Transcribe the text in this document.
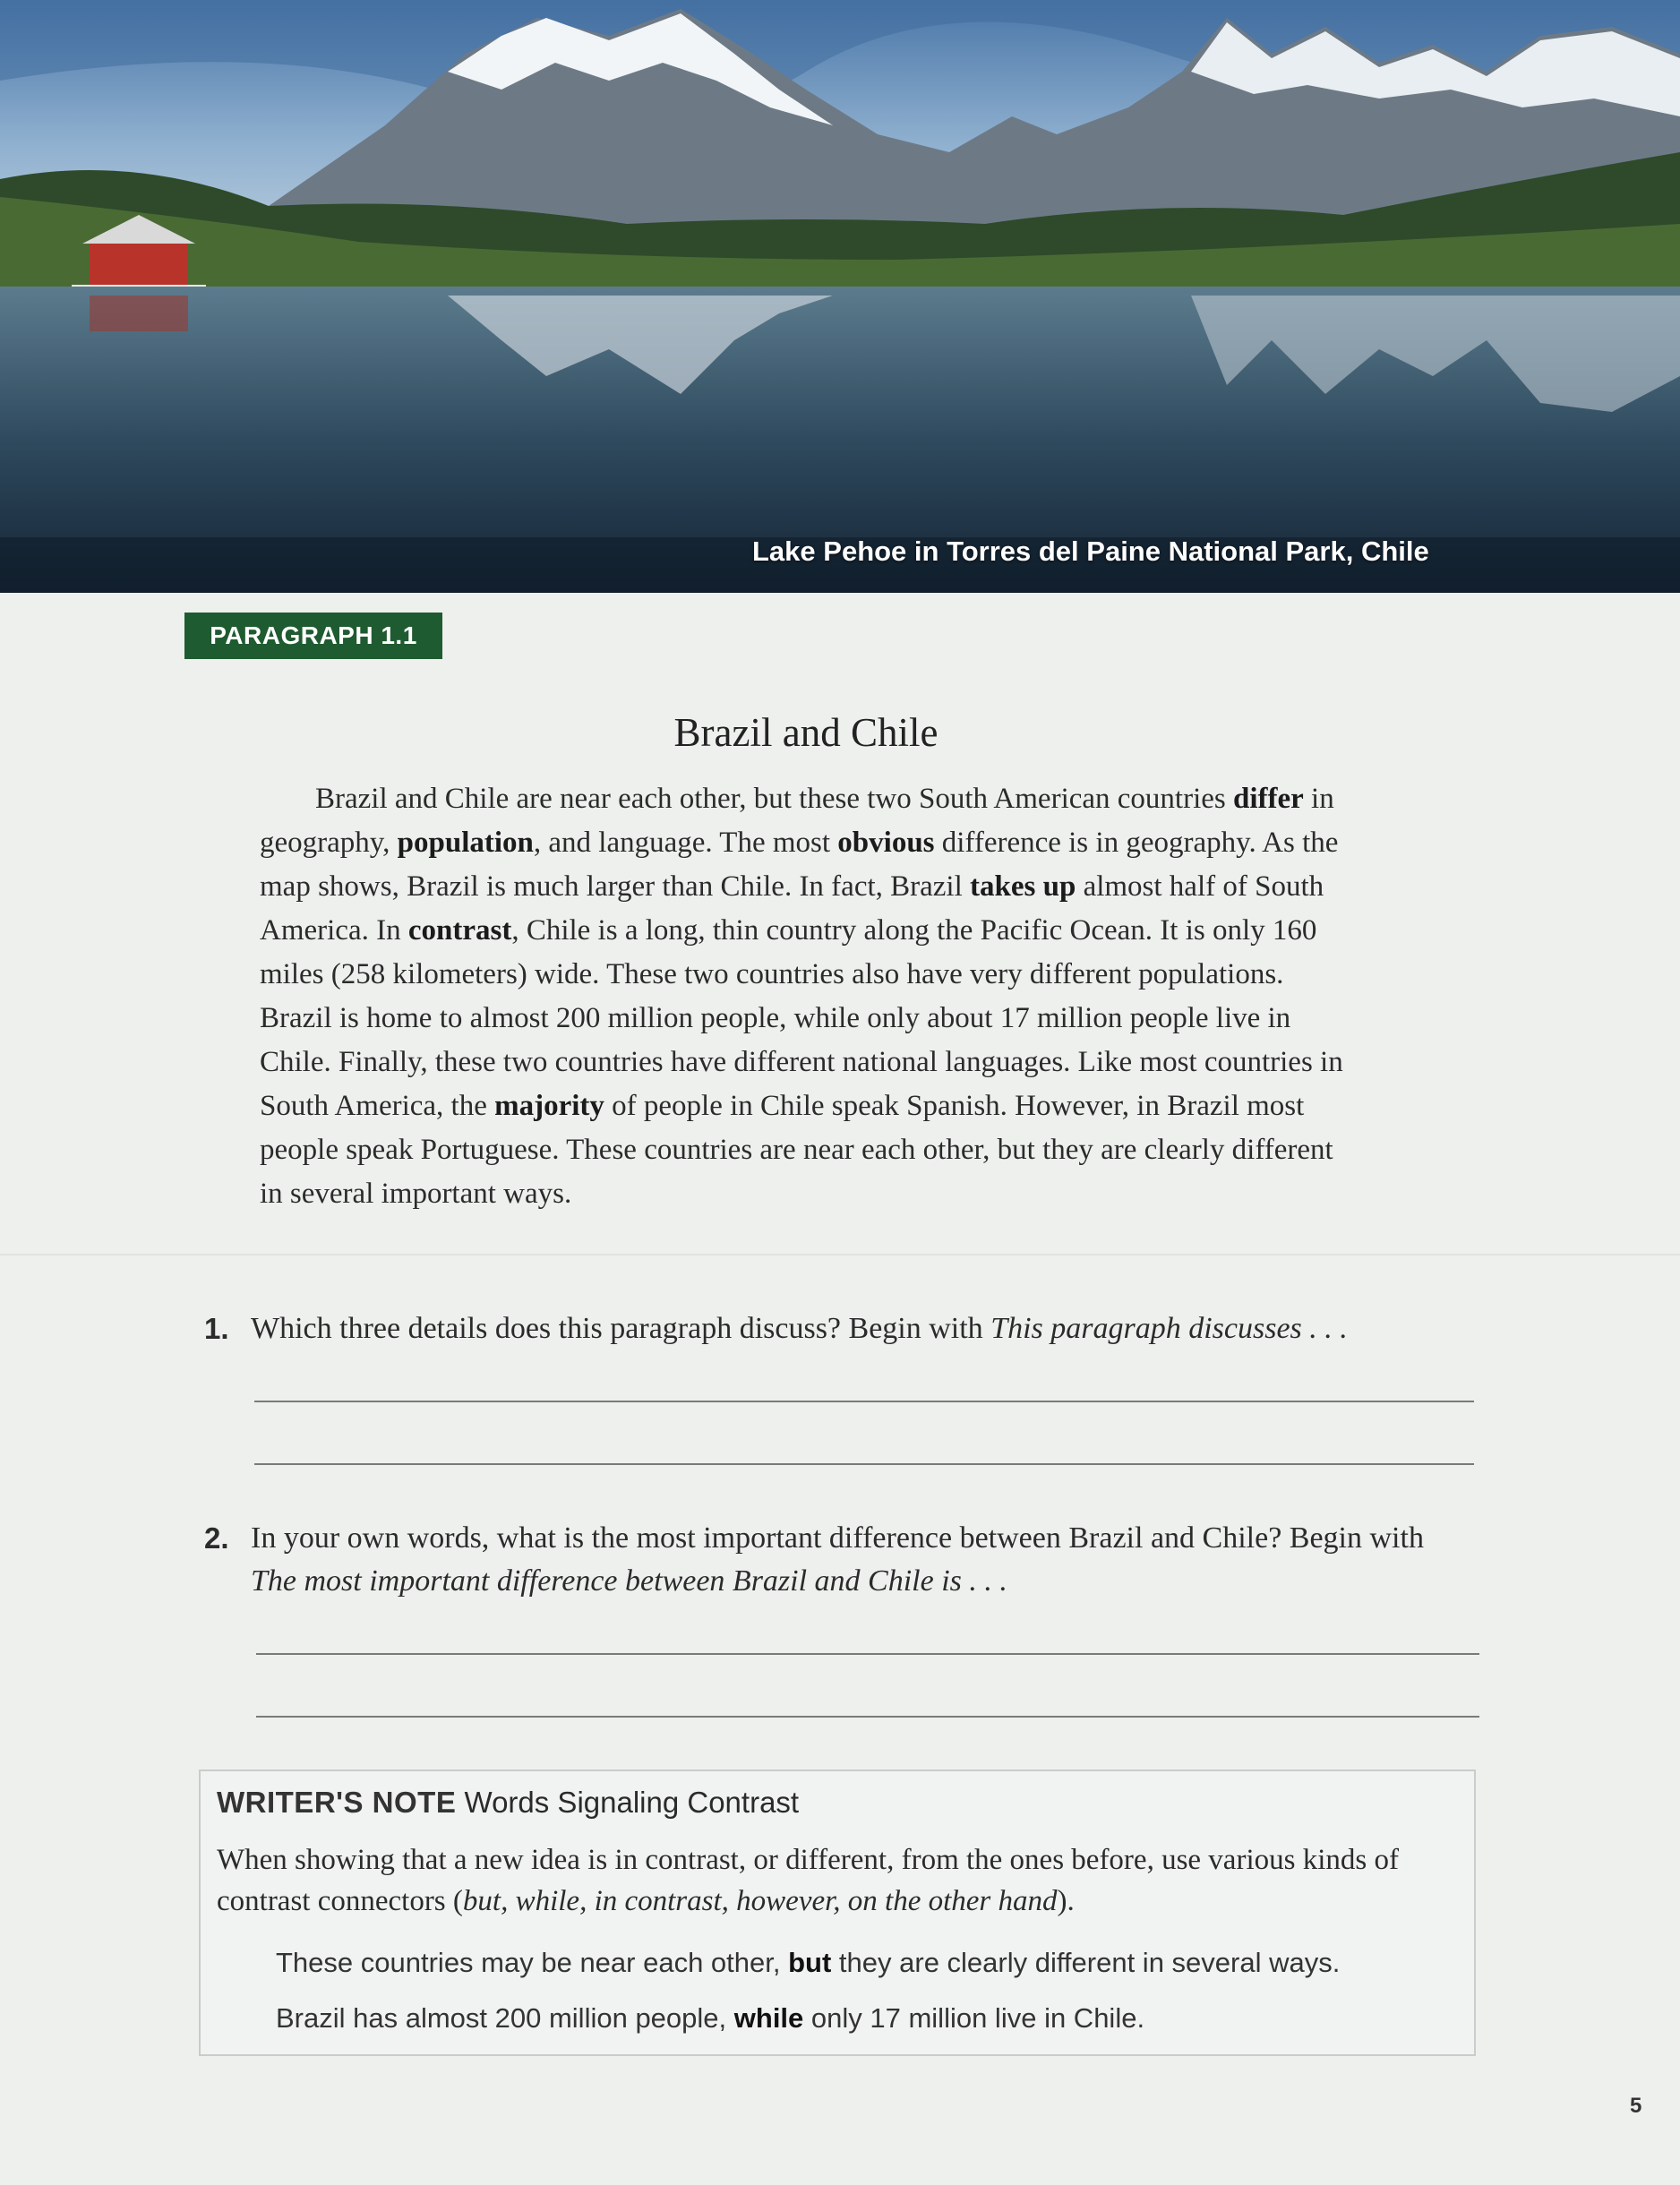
Lake Pehoe in Torres del Paine National Park, Chile
PARAGRAPH 1.1
Brazil and Chile

Brazil and Chile are near each other, but these two South American countries differ in geography, population, and language. The most obvious difference is in geography. As the map shows, Brazil is much larger than Chile. In fact, Brazil takes up almost half of South America. In contrast, Chile is a long, thin country along the Pacific Ocean. It is only 160 miles (258 kilometers) wide. These two countries also have very different populations. Brazil is home to almost 200 million people, while only about 17 million people live in Chile. Finally, these two countries have different national languages. Like most countries in South America, the majority of people in Chile speak Spanish. However, in Brazil most people speak Portuguese. These countries are near each other, but they are clearly different in several important ways.

1. Which three details does this paragraph discuss? Begin with This paragraph discusses . . .
2. In your own words, what is the most important difference between Brazil and Chile? Begin with The most important difference between Brazil and Chile is . . .
WRITER'S NOTE Words Signaling Contrast
When showing that a new idea is in contrast, or different, from the ones before, use various kinds of contrast connectors (but, while, in contrast, however, on the other hand).
These countries may be near each other, but they are clearly different in several ways.
Brazil has almost 200 million people, while only 17 million live in Chile.
5
